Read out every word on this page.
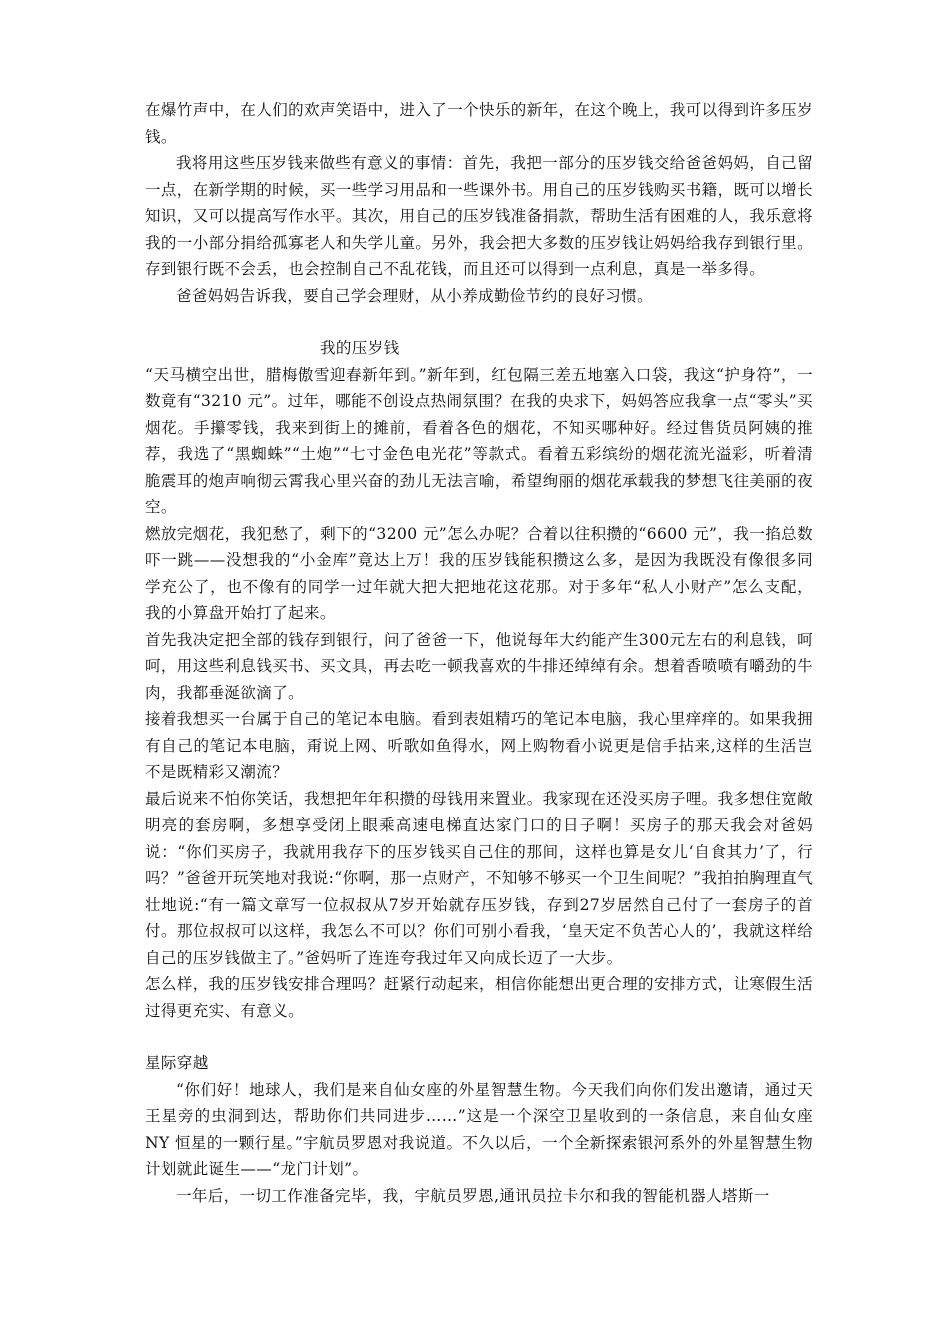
在爆竹声中，在人们的欢声笑语中，进入了一个快乐的新年，在这个晚上，我可以得到许多压岁钱。

我将用这些压岁钱来做些有意义的事情：首先，我把一部分的压岁钱交给爸爸妈妈，自己留一点，在新学期的时候，买一些学习用品和一些课外书。用自己的压岁钱购买书籍，既可以增长知识，又可以提高写作水平。其次，用自己的压岁钱准备捐款，帮助生活有困难的人，我乐意将我的一小部分捐给孤寡老人和失学儿童。另外，我会把大多数的压岁钱让妈妈给我存到银行里。存到银行既不会丢，也会控制自己不乱花钱，而且还可以得到一点利息，真是一举多得。

爸爸妈妈告诉我，要自己学会理财，从小养成勤俭节约的良好习惯。

我的压岁钱

“天马横空出世，腊梅傲雪迎春新年到。”新年到，红包隔三差五地塞入口袋，我这“护身符”，一数竟有“3210 元”。过年，哪能不创设点热闹氛围？在我的央求下，妈妈答应我拿一点“零头”买烟花。手攥零钱，我来到街上的摊前，看着各色的烟花，不知买哪种好。经过售货员阿姨的推荐，我选了“黑蜘蛛”“土炮”“七寸金色电光花”等款式。看着五彩缤纷的烟花流光溢彩，听着清脆震耳的炮声响彻云霄我心里兴奋的劲儿无法言喻，希望绚丽的烟花承载我的梦想飞往美丽的夜空。

燃放完烟花，我犯愁了，剩下的“3200 元”怎么办呢？合着以往积攒的“6600 元”，我一掐总数吓一跳——没想我的“小金库”竟达上万！我的压岁钱能积攒这么多，是因为我既没有像很多同学充公了，也不像有的同学一过年就大把大把地花这花那。对于多年“私人小财产”怎么支配，我的小算盘开始打了起来。

首先我决定把全部的钱存到银行，问了爸爸一下，他说每年大约能产生300元左右的利息钱，呵呵，用这些利息钱买书、买文具，再去吃一顿我喜欢的牛排还绰绰有余。想着香喷喷有嚼劲的牛肉，我都垂涎欲滴了。

接着我想买一台属于自己的笔记本电脑。看到表姐精巧的笔记本电脑，我心里痒痒的。如果我拥有自己的笔记本电脑，甭说上网、听歌如鱼得水，网上购物看小说更是信手拈来,这样的生活岂不是既精彩又潮流？

最后说来不怕你笑话，我想把年年积攒的母钱用来置业。我家现在还没买房子哩。我多想住宽敞明亮的套房啊，多想享受闭上眼乘高速电梯直达家门口的日子啊！买房子的那天我会对爸妈说：“你们买房子，我就用我存下的压岁钱买自己住的那间，这样也算是女儿‘自食其力’了，行吗？”爸爸开玩笑地对我说:“你啊，那一点财产，不知够不够买一个卫生间呢？”我拍拍胸理直气壮地说:“有一篇文章写一位叔叔从7岁开始就存压岁钱，存到27岁居然自己付了一套房子的首付。那位叔叔可以这样，我怎么不可以？你们可别小看我，‘皇天定不负苦心人的’，我就这样给自己的压岁钱做主了。”爸妈听了连连夸我过年又向成长迈了一大步。

怎么样，我的压岁钱安排合理吗？赶紧行动起来，相信你能想出更合理的安排方式，让寒假生活过得更充实、有意义。

星际穿越

“你们好！地球人，我们是来自仙女座的外星智慧生物。今天我们向你们发出邀请，通过天王星旁的虫洞到达，帮助你们共同进步……”这是一个深空卫星收到的一条信息，来自仙女座 NY 恒星的一颗行星。”宇航员罗恩对我说道。不久以后，一个全新探索银河系外的外星智慧生物计划就此诞生——“龙门计划”。

一年后，一切工作准备完毕，我，宇航员罗恩,通讯员拉卡尔和我的智能机器人塔斯一
